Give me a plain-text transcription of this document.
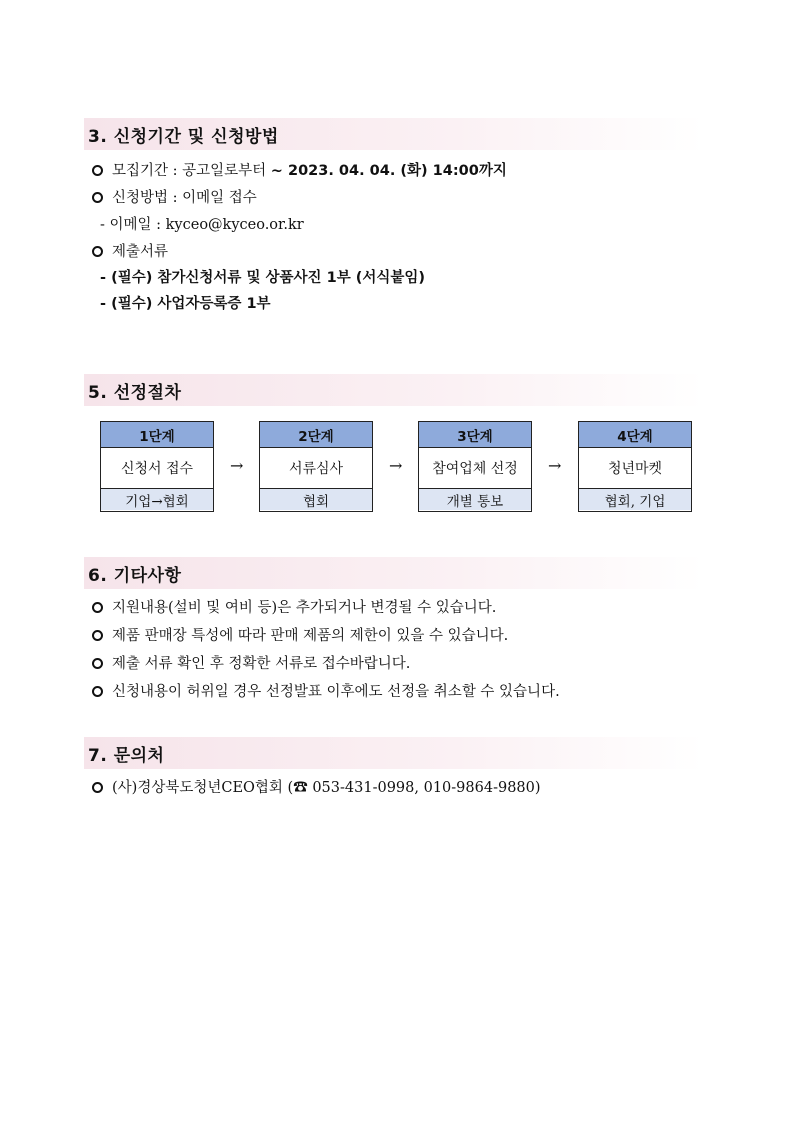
3. 신청기간 및 신청방법
모집기간 : 공고일로부터 ~ 2023. 04. 04. (화) 14:00까지
신청방법 : 이메일 접수
- 이메일 : kyceo@kyceo.or.kr
제출서류
- (필수) 참가신청서류 및 상품사진 1부 (서식붙임)
- (필수) 사업자등록증 1부
5. 선정절차
1단계
신청서 접수
기업→협회
→
2단계
서류심사
협회
→
3단계
참여업체 선정
개별 통보
→
4단계
청년마켓
협회, 기업
6. 기타사항
지원내용(설비 및 여비 등)은 추가되거나 변경될 수 있습니다.
제품 판매장 특성에 따라 판매 제품의 제한이 있을 수 있습니다.
제출 서류 확인 후 정확한 서류로 접수바랍니다.
신청내용이 허위일 경우 선정발표 이후에도 선정을 취소할 수 있습니다.
7. 문의처
(사)경상북도청년CEO협회 (☎ 053-431-0998, 010-9864-9880)
